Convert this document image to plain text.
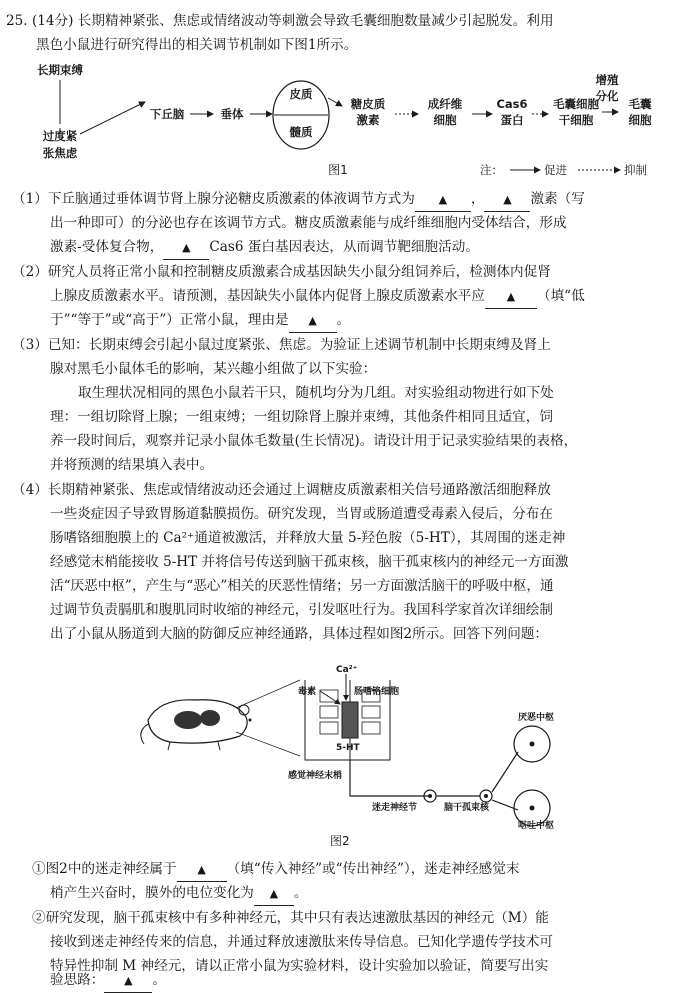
25. (14分) 长期精神紧张、焦虑或情绪波动等刺激会导致毛囊细胞数量减少引起脱发。利用
黑色小鼠进行研究得出的相关调节机制如下图1所示。
长期束缚
过度紧
张焦虑
下丘脑	垂体
皮质
髓质
糖皮质
激素
成纤维
细胞
Cas6
蛋白
毛囊细胞
干细胞
增殖
分化
毛囊
细胞
图1	注：	促进	抑制
（1）下丘脑通过垂体调节肾上腺分泌糖皮质激素的体液调节方式为 ▲ ， ▲ 激素（写
出一种即可）的分泌也存在该调节方式。糖皮质激素能与成纤维细胞内受体结合，形成
激素-受体复合物， ▲ Cas6 蛋白基因表达，从而调节靶细胞活动。
（2）研究人员将正常小鼠和控制糖皮质激素合成基因缺失小鼠分组饲养后，检测体内促肾
上腺皮质激素水平。请预测，基因缺失小鼠体内促肾上腺皮质激素水平应 ▲ （填“低
于”“等于”或“高于”）正常小鼠，理由是 ▲ 。
（3）已知：长期束缚会引起小鼠过度紧张、焦虑。为验证上述调节机制中长期束缚及肾上
腺对黑毛小鼠体毛的影响，某兴趣小组做了以下实验：
取生理状况相同的黑色小鼠若干只，随机均分为几组。对实验组动物进行如下处
理：一组切除肾上腺；一组束缚；一组切除肾上腺并束缚，其他条件相同且适宜，饲
养一段时间后，观察并记录小鼠体毛数量(生长情况)。请设计用于记录实验结果的表格，
并将预测的结果填入表中。
（4）长期精神紧张、焦虑或情绪波动还会通过上调糖皮质激素相关信号通路激活细胞释放
一些炎症因子导致胃肠道黏膜损伤。研究发现，当胃或肠道遭受毒素入侵后，分布在
肠嗜铬细胞膜上的 Ca²⁺通道被激活，并释放大量 5-羟色胺（5-HT），其周围的迷走神
经感觉末梢能接收 5-HT 并将信号传送到脑干孤束核，脑干孤束核内的神经元一方面激
活“厌恶中枢”，产生与“恶心”相关的厌恶性情绪；另一方面激活脑干的呼吸中枢，通
过调节负责膈肌和腹肌同时收缩的神经元，引发呕吐行为。我国科学家首次详细绘制
出了小鼠从肠道到大脑的防御反应神经通路，具体过程如图2所示。回答下列问题：
Ca²⁺
毒素	肠嗜铬细胞
5-HT
感觉神经末梢
厌恶中枢
呕吐中枢
迷走神经节	脑干孤束核
图2
①图2中的迷走神经属于 ▲ （填“传入神经”或“传出神经”），迷走神经感觉末
梢产生兴奋时，膜外的电位变化为 ▲ 。
②研究发现，脑干孤束核中有多种神经元，其中只有表达速激肽基因的神经元（M）能
接收到迷走神经传来的信息，并通过释放速激肽来传导信息。已知化学遗传学技术可
特异性抑制 M 神经元，请以正常小鼠为实验材料，设计实验加以验证，简要写出实
验思路： ▲ 。
